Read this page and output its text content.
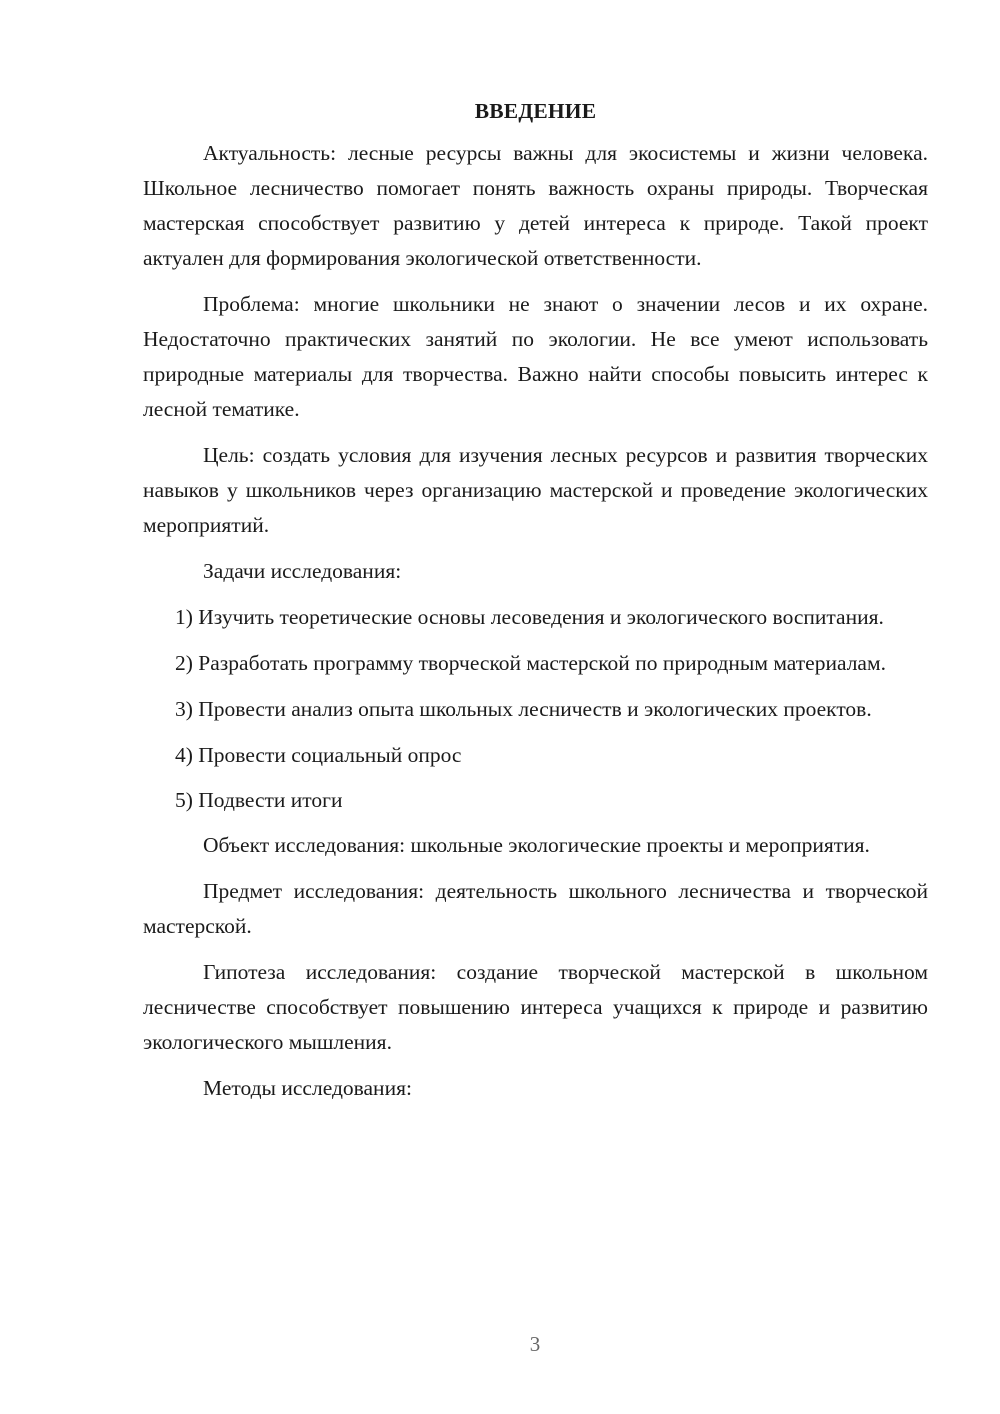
ВВЕДЕНИЕ

Актуальность: лесные ресурсы важны для экосистемы и жизни человека. Школьное лесничество помогает понять важность охраны природы. Творческая мастерская способствует развитию у детей интереса к природе. Такой проект актуален для формирования экологической ответственности.

Проблема: многие школьники не знают о значении лесов и их охране. Недостаточно практических занятий по экологии. Не все умеют использовать природные материалы для творчества. Важно найти способы повысить интерес к лесной тематике.

Цель: создать условия для изучения лесных ресурсов и развития творческих навыков у школьников через организацию мастерской и проведение экологических мероприятий.

Задачи исследования:

1) Изучить теоретические основы лесоведения и экологического воспитания.

2) Разработать программу творческой мастерской по природным материалам.

3) Провести анализ опыта школьных лесничеств и экологических проектов.

4) Провести социальный опрос

5) Подвести итоги

Объект исследования: школьные экологические проекты и мероприятия.

Предмет исследования: деятельность школьного лесничества и творческой мастерской.

Гипотеза исследования: создание творческой мастерской в школьном лесничестве способствует повышению интереса учащихся к природе и развитию экологического мышления.

Методы исследования:

3
